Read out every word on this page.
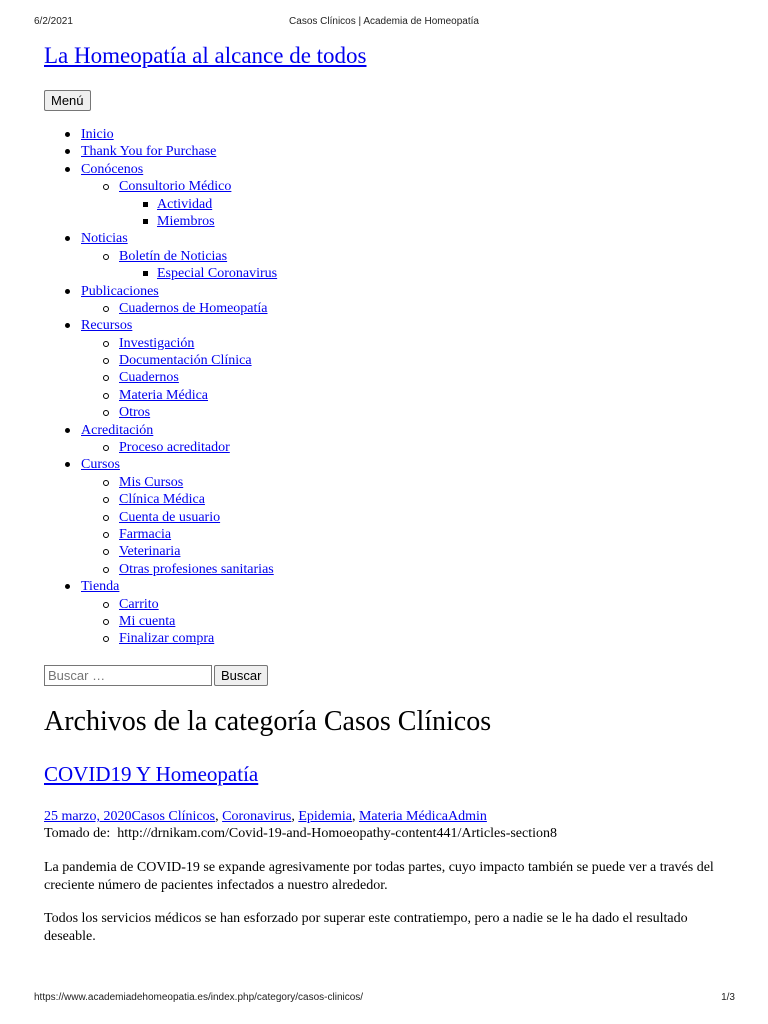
6/2/2021	Casos Clínicos | Academia de Homeopatía
La Homeopatía al alcance de todos
Menú
Inicio
Thank You for Purchase
Conócenos
Consultorio Médico
Actividad
Miembros
Noticias
Boletín de Noticias
Especial Coronavirus
Publicaciones
Cuadernos de Homeopatía
Recursos
Investigación
Documentación Clínica
Cuadernos
Materia Médica
Otros
Acreditación
Proceso acreditador
Cursos
Mis Cursos
Clínica Médica
Cuenta de usuario
Farmacia
Veterinaria
Otras profesiones sanitarias
Tienda
Carrito
Mi cuenta
Finalizar compra
Buscar …
Buscar
Archivos de la categoría Casos Clínicos
COVID19 Y Homeopatía
25 marzo, 2020Casos Clínicos, Coronavirus, Epidemia, Materia MédicaAdmin
Tomado de: http://drnikam.com/Covid-19-and-Homoeopathy-content441/Articles-section8

La pandemia de COVID-19 se expande agresivamente por todas partes, cuyo impacto también se puede ver a través del creciente número de pacientes infectados a nuestro alrededor.

Todos los servicios médicos se han esforzado por superar este contratiempo, pero a nadie se le ha dado el resultado deseable.

https://www.academiadehomeopatia.es/index.php/category/casos-clinicos/	1/3
